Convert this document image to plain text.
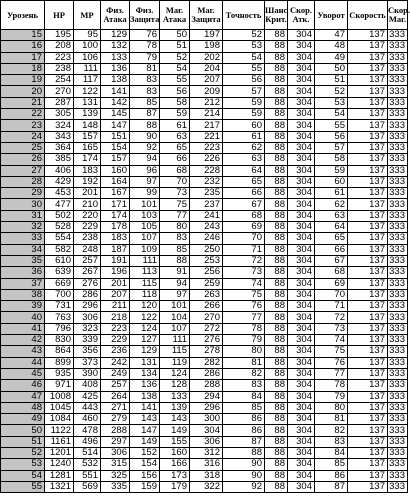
Урозень	HP	MP	Физ. Атака	Физ. Защита	Маг. Атака	Маг. Защита	Точность	Шанс Крит.	Скор. Атк.	Уворот	Скорость	Скор. Маг.
15	195	95	129	76	50	197	52	88	304	47	137	333
16	208	100	132	78	51	198	53	88	304	48	137	333
17	223	106	133	79	52	202	54	88	304	49	137	333
18	238	111	136	81	54	204	55	88	304	50	137	333
19	254	117	138	83	55	207	56	88	304	51	137	333
20	270	122	141	83	56	209	57	88	304	52	137	333
21	287	131	142	85	58	212	59	88	304	53	137	333
22	305	139	145	87	59	214	59	88	304	54	137	333
23	324	148	147	88	61	217	60	88	304	55	137	333
24	343	157	151	90	63	221	61	88	304	56	137	333
25	364	165	154	92	65	223	62	88	304	57	137	333
26	385	174	157	94	66	226	63	88	304	58	137	333
27	406	183	160	96	68	228	64	88	304	59	137	333
28	429	192	164	97	70	232	65	88	304	60	137	333
29	453	201	167	99	73	235	66	88	304	61	137	333
30	477	210	171	101	75	237	67	88	304	62	137	333
31	502	220	174	103	77	241	68	88	304	63	137	333
32	528	229	178	105	80	243	69	88	304	64	137	333
33	554	238	183	107	83	246	70	88	304	65	137	333
34	582	248	187	109	85	250	71	88	304	66	137	333
35	610	257	191	111	88	253	72	88	304	67	137	333
36	639	267	196	113	91	256	73	88	304	68	137	333
37	669	276	201	115	94	259	74	88	304	69	137	333
38	700	286	207	118	97	263	75	88	304	70	137	333
39	731	296	211	120	101	266	76	88	304	71	137	333
40	763	306	218	122	104	270	77	88	304	72	137	333
41	796	323	223	124	107	272	78	88	304	73	137	333
42	830	339	229	127	111	276	79	88	304	74	137	333
43	864	356	236	129	115	278	80	88	304	75	137	333
44	899	373	242	131	119	282	81	88	304	76	137	333
45	935	390	249	134	124	286	82	88	304	77	137	333
46	971	408	257	136	128	288	83	88	304	78	137	333
47	1008	425	264	138	133	294	84	88	304	79	137	333
48	1045	443	271	141	139	296	85	88	304	80	137	333
49	1084	460	279	143	143	300	86	88	304	81	137	333
50	1122	478	288	147	149	304	86	88	304	82	137	333
51	1161	496	297	149	155	306	87	88	304	83	137	333
52	1201	514	306	152	160	312	88	88	304	84	137	333
53	1240	532	315	154	166	316	90	88	304	85	137	333
54	1281	551	325	156	173	318	90	88	304	86	137	333
55	1321	569	335	159	179	322	92	88	304	87	137	333
